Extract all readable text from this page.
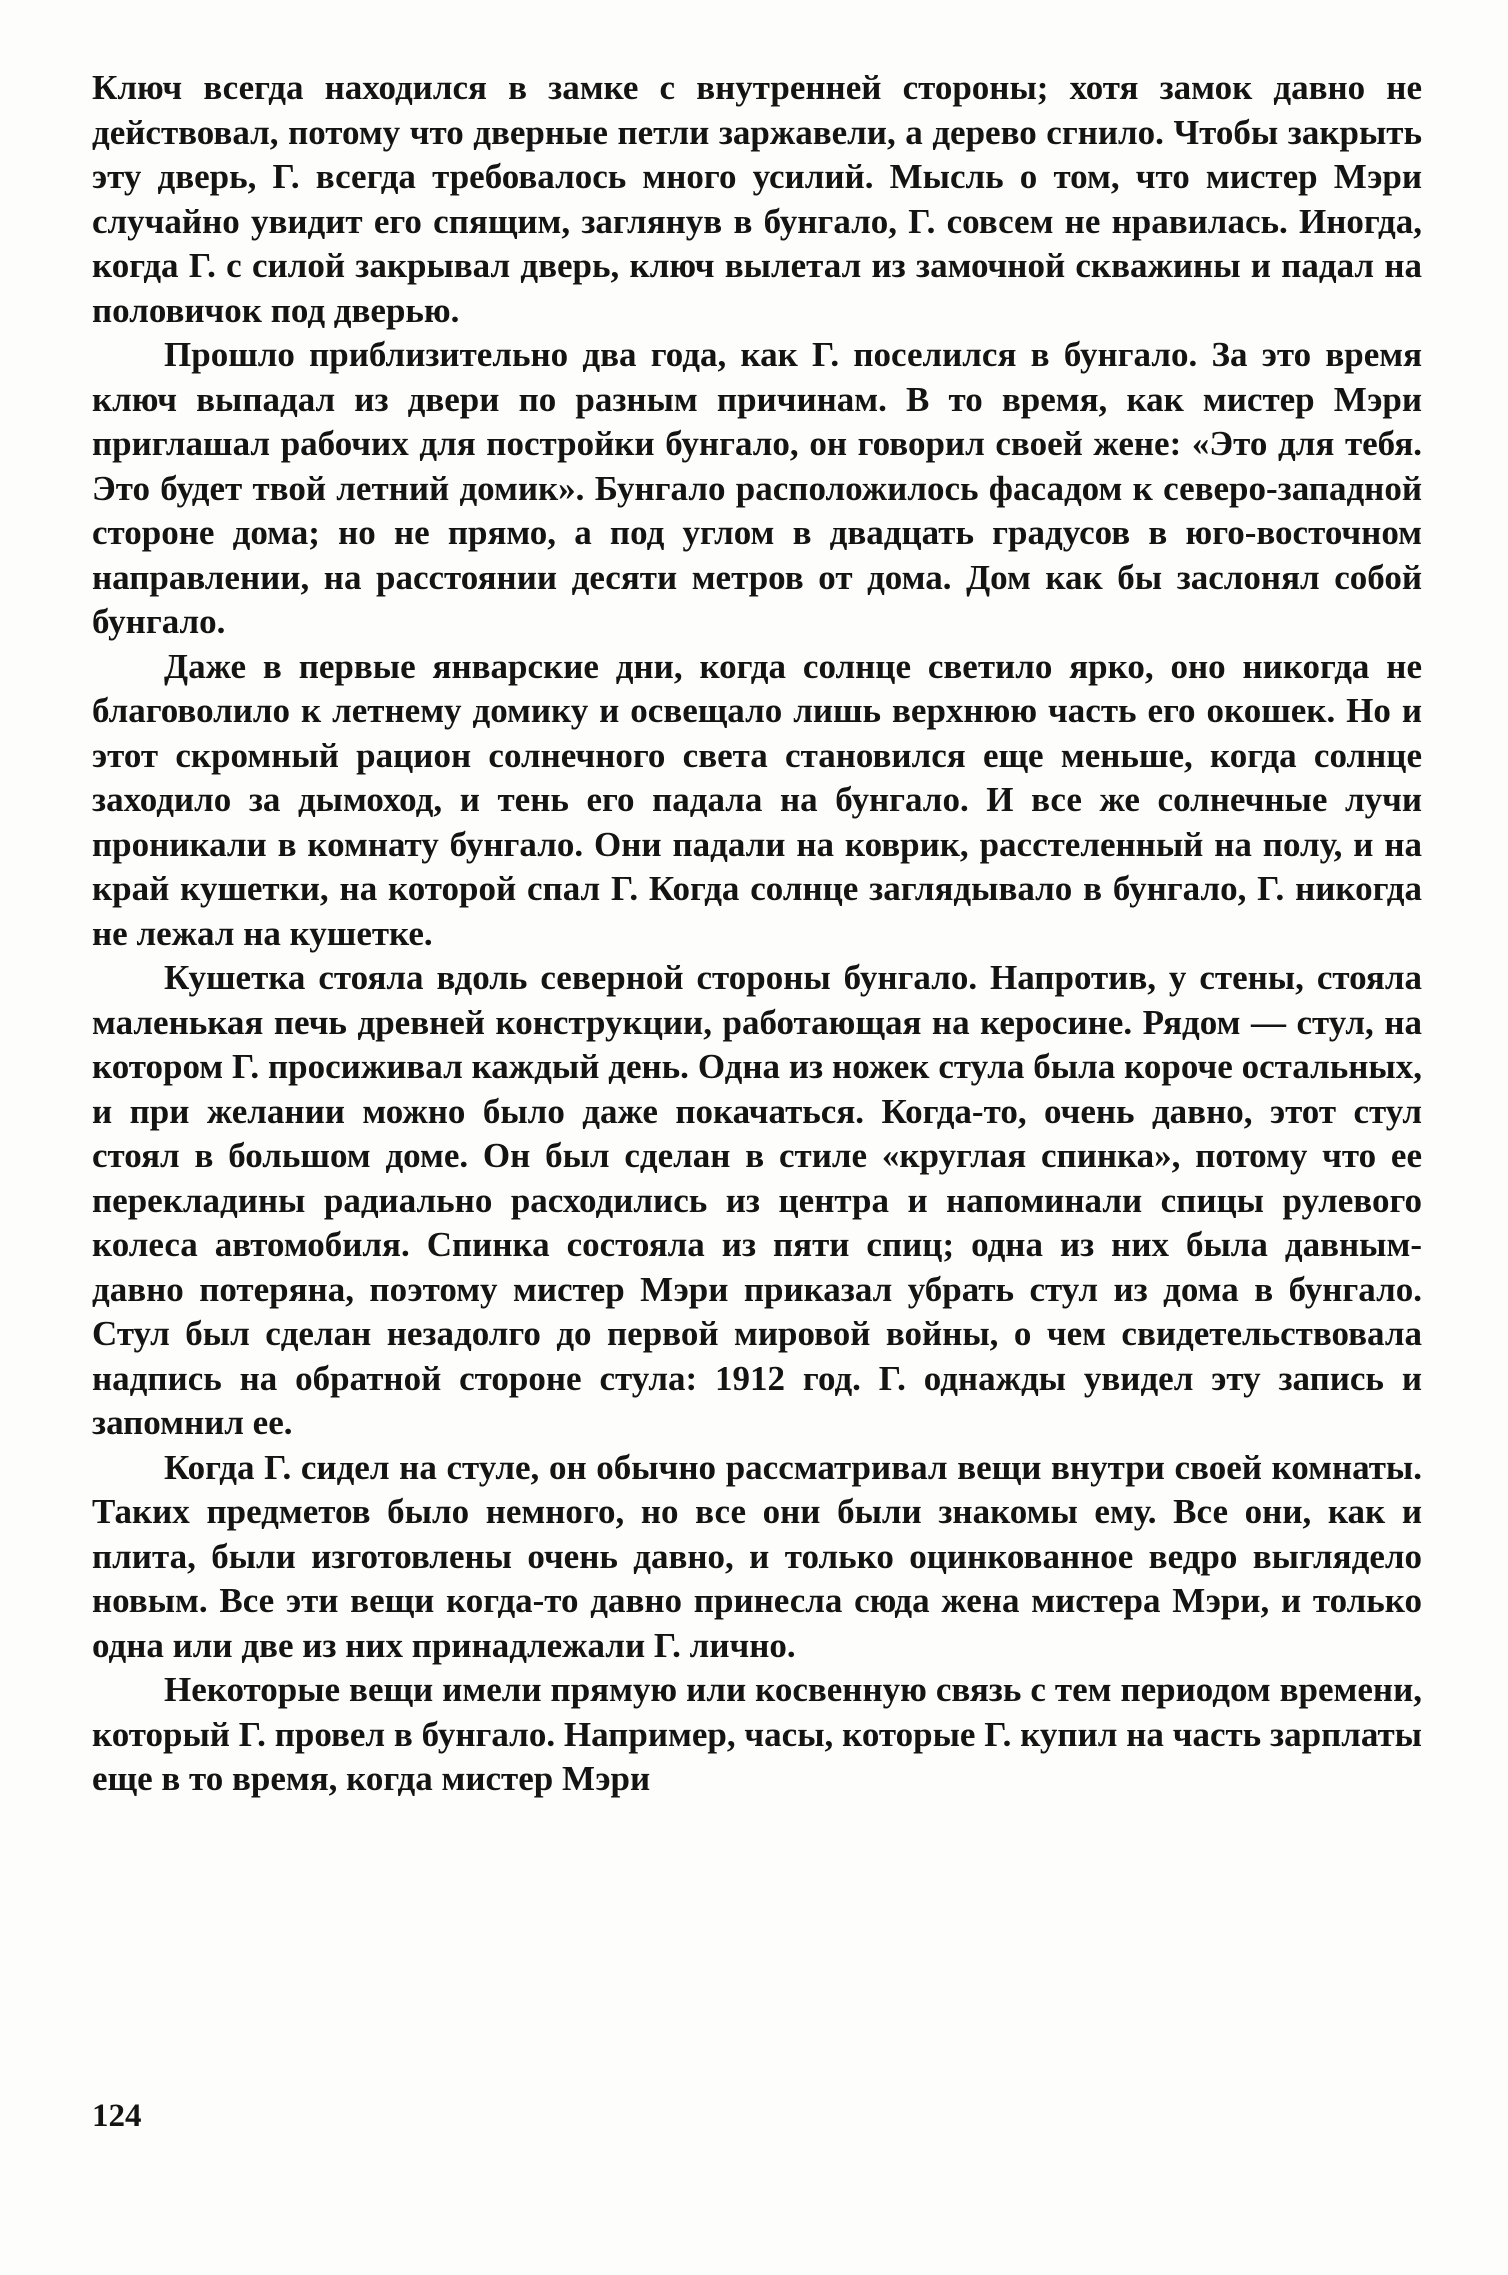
Ключ всегда находился в замке с внутренней стороны; хотя замок давно не действовал, потому что дверные петли заржавели, а дерево сгнило. Чтобы закрыть эту дверь, Г. всегда требовалось много усилий. Мысль о том, что мистер Мэри случайно увидит его спящим, заглянув в бунгало, Г. совсем не нравилась. Иногда, когда Г. с силой закрывал дверь, ключ вылетал из замочной скважины и падал на половичок под дверью.

Прошло приблизительно два года, как Г. поселился в бунгало. За это время ключ выпадал из двери по разным причинам. В то время, как мистер Мэри приглашал рабочих для постройки бунгало, он говорил своей жене: «Это для тебя. Это будет твой летний домик». Бунгало расположилось фасадом к северо-западной стороне дома; но не прямо, а под углом в двадцать градусов в юго-восточном направлении, на расстоянии десяти метров от дома. Дом как бы заслонял собой бунгало.

Даже в первые январские дни, когда солнце светило ярко, оно никогда не благоволило к летнему домику и освещало лишь верхнюю часть его окошек. Но и этот скромный рацион солнечного света становился еще меньше, когда солнце заходило за дымоход, и тень его падала на бунгало. И все же солнечные лучи проникали в комнату бунгало. Они падали на коврик, расстеленный на полу, и на край кушетки, на которой спал Г. Когда солнце заглядывало в бунгало, Г. никогда не лежал на кушетке.

Кушетка стояла вдоль северной стороны бунгало. Напротив, у стены, стояла маленькая печь древней конструкции, работающая на керосине. Рядом — стул, на котором Г. просиживал каждый день. Одна из ножек стула была короче остальных, и при желании можно было даже покачаться. Когда-то, очень давно, этот стул стоял в большом доме. Он был сделан в стиле «круглая спинка», потому что ее перекладины радиально расходились из центра и напоминали спицы рулевого колеса автомобиля. Спинка состояла из пяти спиц; одна из них была давным-давно потеряна, поэтому мистер Мэри приказал убрать стул из дома в бунгало. Стул был сделан незадолго до первой мировой войны, о чем свидетельствовала надпись на обратной стороне стула: 1912 год. Г. однажды увидел эту запись и запомнил ее.

Когда Г. сидел на стуле, он обычно рассматривал вещи внутри своей комнаты. Таких предметов было немного, но все они были знакомы ему. Все они, как и плита, были изготовлены очень давно, и только оцинкованное ведро выглядело новым. Все эти вещи когда-то давно принесла сюда жена мистера Мэри, и только одна или две из них принадлежали Г. лично.

Некоторые вещи имели прямую или косвенную связь с тем периодом времени, который Г. провел в бунгало. Например, часы, которые Г. купил на часть зарплаты еще в то время, когда мистер Мэри

124
